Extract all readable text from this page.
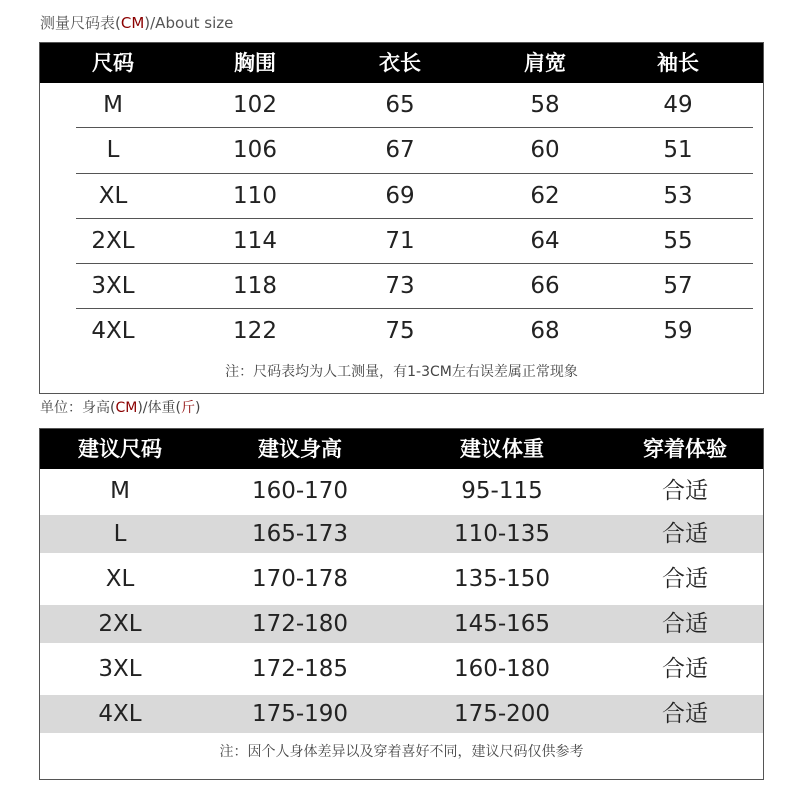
测量尺码表(CM)/About size
尺码	胸围	衣长	肩宽	袖长
M	102	65	58	49
L	106	67	60	51
XL	110	69	62	53
2XL	114	71	64	55
3XL	118	73	66	57
4XL	122	75	68	59
注：尺码表均为人工测量，有1-3CM左右误差属正常现象
单位：身高(CM)/体重(斤)
建议尺码	建议身高	建议体重	穿着体验
M	160-170	95-115	合适
L	165-173	110-135	合适
XL	170-178	135-150	合适
2XL	172-180	145-165	合适
3XL	172-185	160-180	合适
4XL	175-190	175-200	合适
注：因个人身体差异以及穿着喜好不同，建议尺码仅供参考
